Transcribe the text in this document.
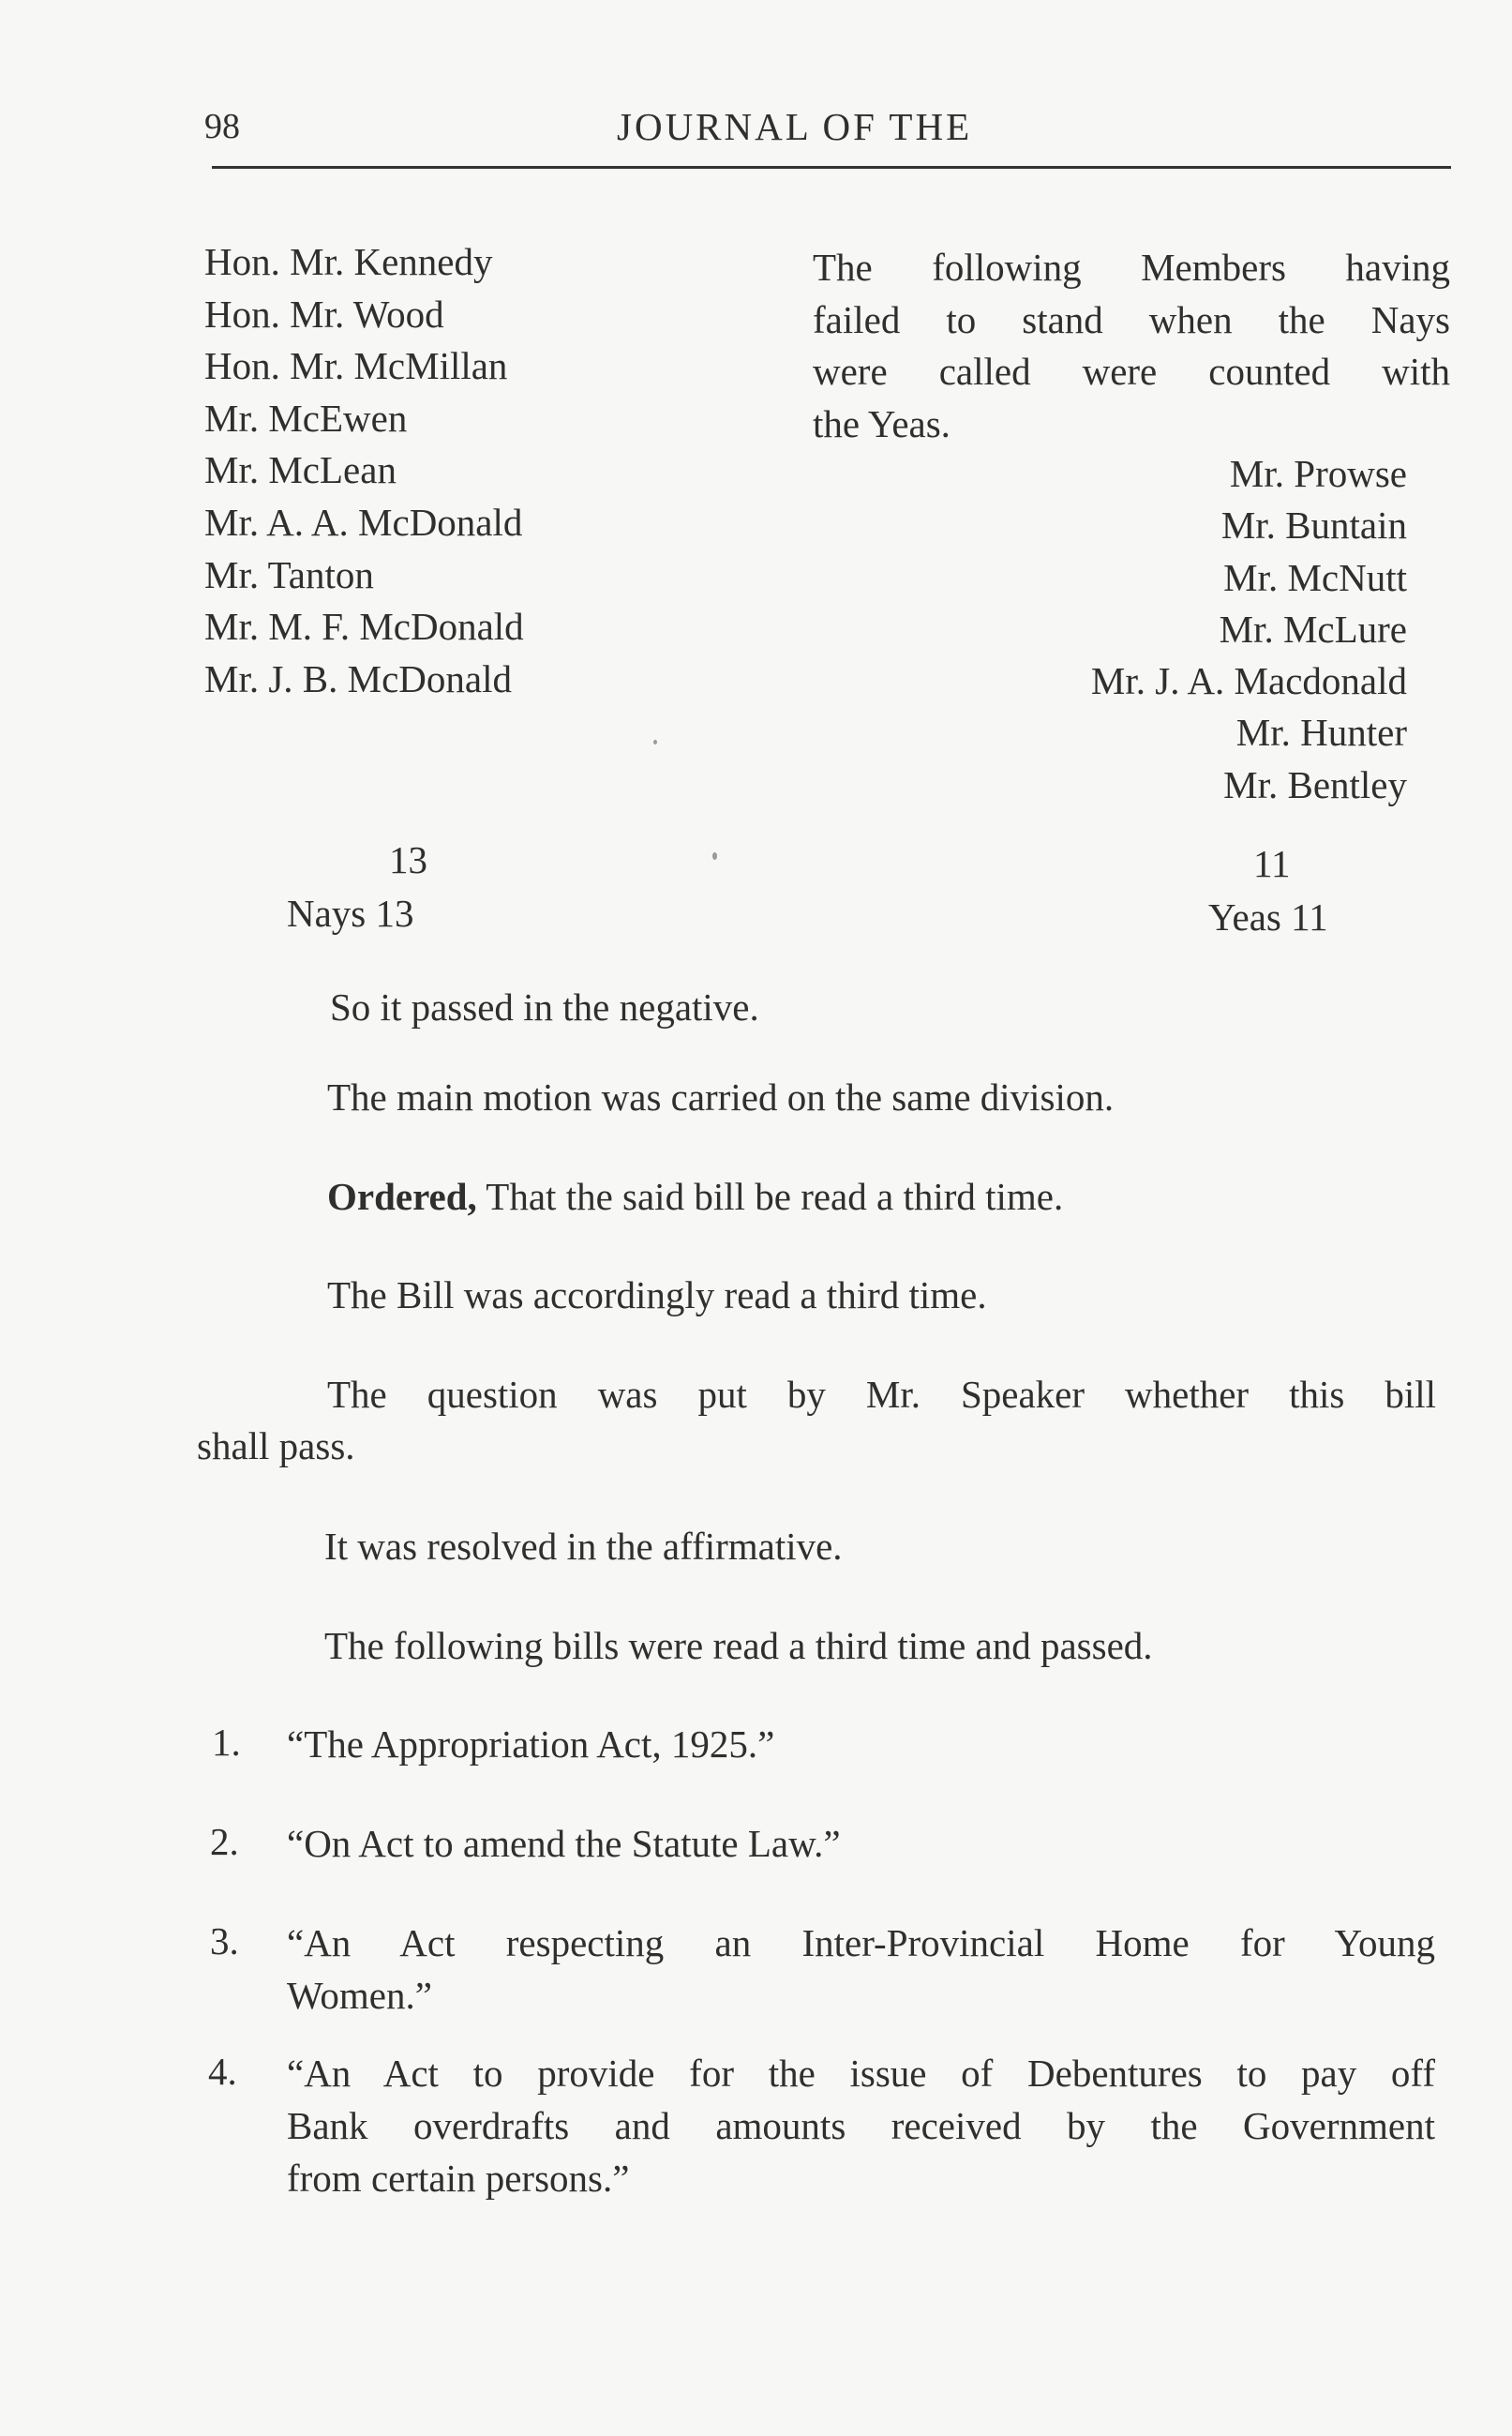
98	JOURNAL OF THE
Hon. Mr. Kennedy
Hon. Mr. Wood
Hon. Mr. McMillan
Mr. McEwen
Mr. McLean
Mr. A. A. McDonald
Mr. Tanton
Mr. M. F. McDonald
Mr. J. B. McDonald
The following Members having
failed to stand when the Nays
were called were counted with
the Yeas.
Mr. Prowse
Mr. Buntain
Mr. McNutt
Mr. McLure
Mr. J. A. Macdonald
Mr. Hunter
Mr. Bentley
13
Nays 13
11
Yeas 11
So it passed in the negative.
The main motion was carried on the same division.
Ordered, That the said bill be read a third time.
The Bill was accordingly read a third time.
The question was put by Mr. Speaker whether this bill
shall pass.
It was resolved in the affirmative.
The following bills were read a third time and passed.
1. “The Appropriation Act, 1925.”
2. “On Act to amend the Statute Law.”
3. “An Act respecting an Inter-Provincial Home for Young
Women.”
4. “An Act to provide for the issue of Debentures to pay off
Bank overdrafts and amounts received by the Government
from certain persons.”
